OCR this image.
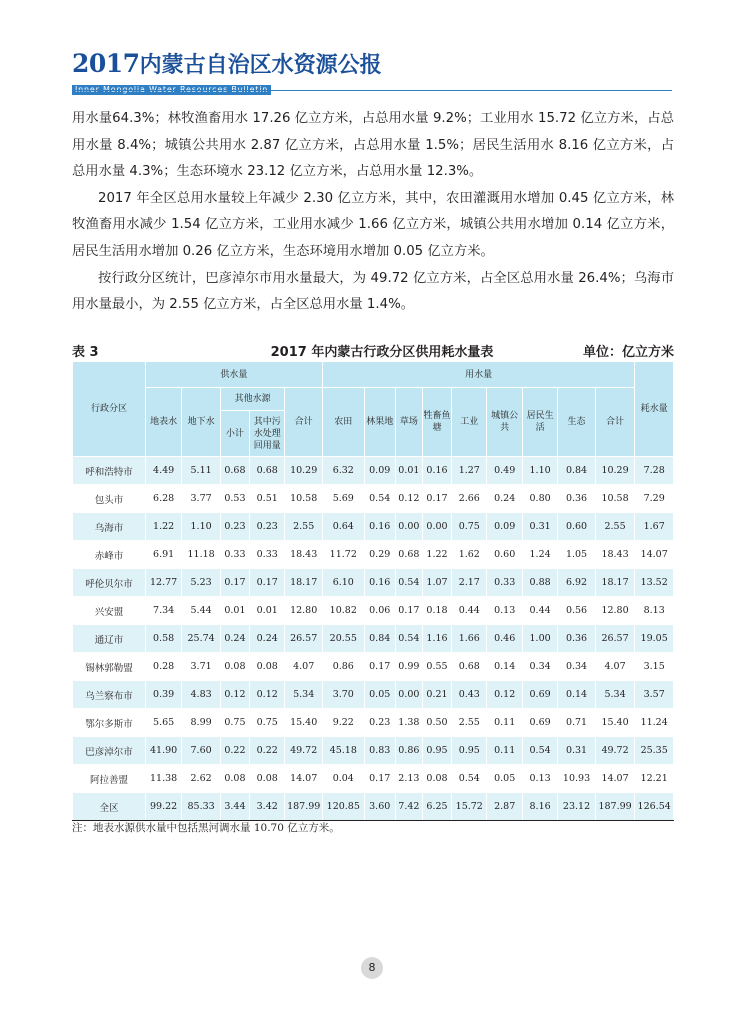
2017内蒙古自治区水资源公报

用水量64.3%；林牧渔畜用水 17.26 亿立方米，占总用水量 9.2%；工业用水 15.72 亿立方米，占总用水量 8.4%；城镇公共用水 2.87 亿立方米，占总用水量 1.5%；居民生活用水 8.16 亿立方米，占总用水量 4.3%；生态环境水 23.12 亿立方米，占总用水量 12.3%。

2017 年全区总用水量较上年减少 2.30 亿立方米，其中，农田灌溉用水增加 0.45 亿立方米，林牧渔畜用水减少 1.54 亿立方米，工业用水减少 1.66 亿立方米，城镇公共用水增加 0.14 亿立方米，居民生活用水增加 0.26 亿立方米，生态环境用水增加 0.05 亿立方米。

按行政分区统计，巴彦淖尔市用水量最大，为 49.72 亿立方米，占全区总用水量 26.4%；乌海市用水量最小，为 2.55 亿立方米，占全区总用水量 1.4%。

表 3	2017 年内蒙古行政分区供用耗水量表	单位：亿立方米
行政分区	供水量					用水量									耗水量
	地表水	地下水	其他水源		合计	农田	林果地	草场	牲畜鱼塘	工业	城镇公共	居民生活	生态	合计	
			小计	其中污水处理回用量											
呼和浩特市	4.49	5.11	0.68	0.68	10.29	6.32	0.09	0.01	0.16	1.27	0.49	1.10	0.84	10.29	7.28
包头市	6.28	3.77	0.53	0.51	10.58	5.69	0.54	0.12	0.17	2.66	0.24	0.80	0.36	10.58	7.29
乌海市	1.22	1.10	0.23	0.23	2.55	0.64	0.16	0.00	0.00	0.75	0.09	0.31	0.60	2.55	1.67
赤峰市	6.91	11.18	0.33	0.33	18.43	11.72	0.29	0.68	1.22	1.62	0.60	1.24	1.05	18.43	14.07
呼伦贝尔市	12.77	5.23	0.17	0.17	18.17	6.10	0.16	0.54	1.07	2.17	0.33	0.88	6.92	18.17	13.52
兴安盟	7.34	5.44	0.01	0.01	12.80	10.82	0.06	0.17	0.18	0.44	0.13	0.44	0.56	12.80	8.13
通辽市	0.58	25.74	0.24	0.24	26.57	20.55	0.84	0.54	1.16	1.66	0.46	1.00	0.36	26.57	19.05
锡林郭勒盟	0.28	3.71	0.08	0.08	4.07	0.86	0.17	0.99	0.55	0.68	0.14	0.34	0.34	4.07	3.15
乌兰察布市	0.39	4.83	0.12	0.12	5.34	3.70	0.05	0.00	0.21	0.43	0.12	0.69	0.14	5.34	3.57
鄂尔多斯市	5.65	8.99	0.75	0.75	15.40	9.22	0.23	1.38	0.50	2.55	0.11	0.69	0.71	15.40	11.24
巴彦淖尔市	41.90	7.60	0.22	0.22	49.72	45.18	0.83	0.86	0.95	0.95	0.11	0.54	0.31	49.72	25.35
阿拉善盟	11.38	2.62	0.08	0.08	14.07	0.04	0.17	2.13	0.08	0.54	0.05	0.13	10.93	14.07	12.21
全区	99.22	85.33	3.44	3.42	187.99	120.85	3.60	7.42	6.25	15.72	2.87	8.16	23.12	187.99	126.54
注：地表水源供水量中包括黑河调水量 10.70 亿立方米。
8
